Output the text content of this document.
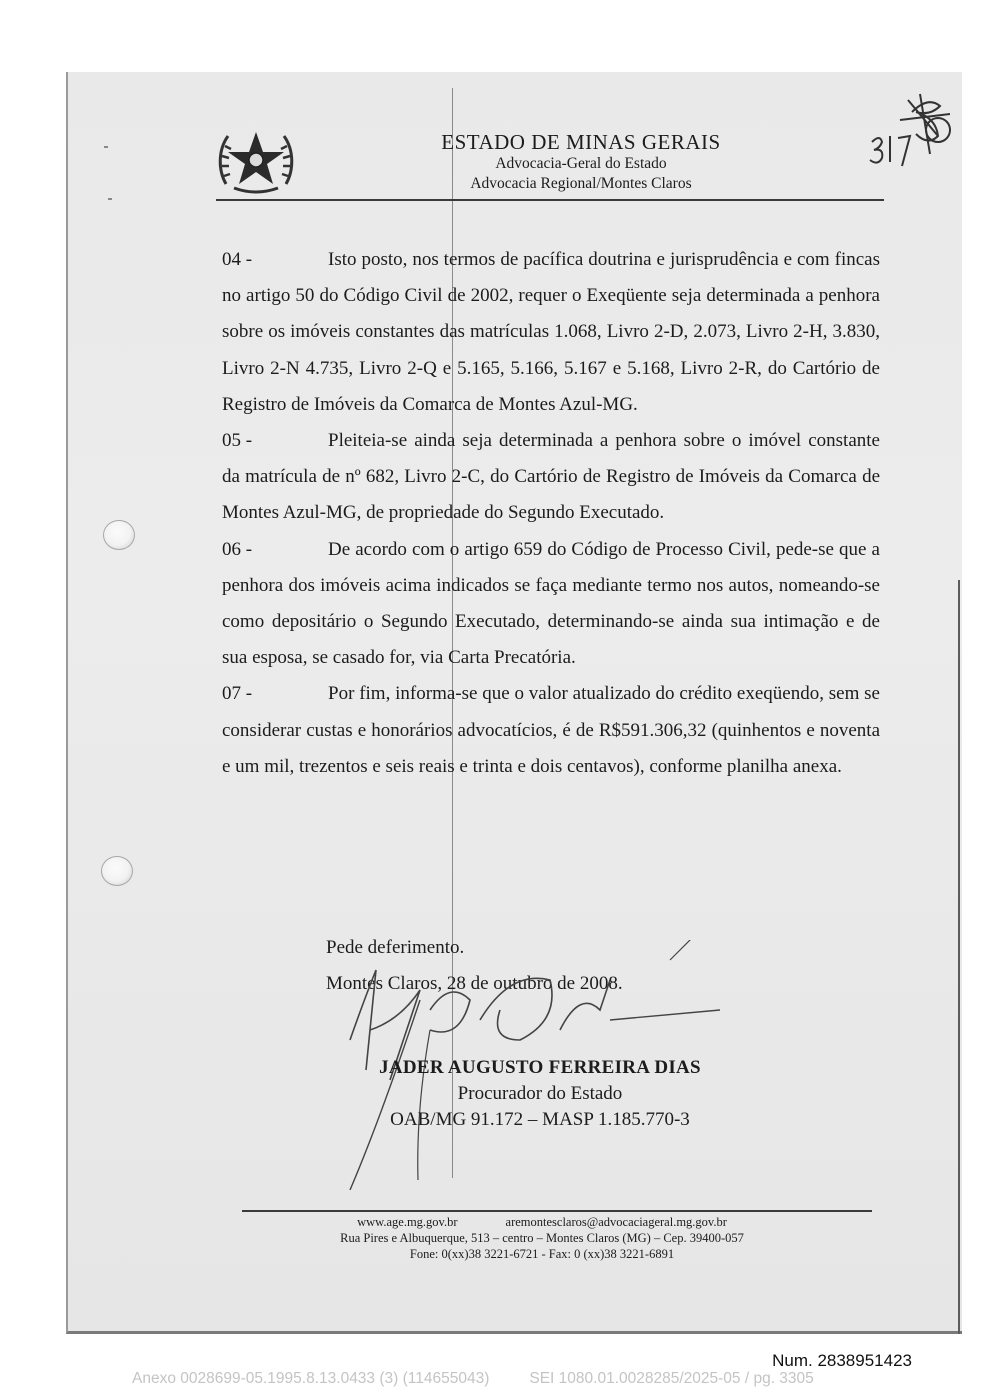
ESTADO DE MINAS GERAIS
Advocacia-Geral do Estado
Advocacia Regional/Montes Claros

04 -	Isto posto, nos termos de pacífica doutrina e jurisprudência e com fincas no artigo 50 do Código Civil de 2002, requer o Exeqüente seja determinada a penhora sobre os imóveis constantes das matrículas 1.068, Livro 2-D, 2.073, Livro 2-H, 3.830, Livro 2-N 4.735, Livro 2-Q e 5.165, 5.166, 5.167 e 5.168, Livro 2-R, do Cartório de Registro de Imóveis da Comarca de Montes Azul-MG.

05 -	Pleiteia-se ainda seja determinada a penhora sobre o imóvel constante da matrícula de nº 682, Livro 2-C, do Cartório de Registro de Imóveis da Comarca de Montes Azul-MG, de propriedade do Segundo Executado.

06 -	De acordo com o artigo 659 do Código de Processo Civil, pede-se que a penhora dos imóveis acima indicados se faça mediante termo nos autos, nomeando-se como depositário o Segundo Executado, determinando-se ainda sua intimação e de sua esposa, se casado for, via Carta Precatória.

07 -	Por fim, informa-se que o valor atualizado do crédito exeqüendo, sem se considerar custas e honorários advocatícios, é de R$591.306,32 (quinhentos e noventa e um mil, trezentos e seis reais e trinta e dois centavos), conforme planilha anexa.

Pede deferimento.
Montes Claros, 28 de outubro de 2008.
JADER AUGUSTO FERREIRA DIAS
Procurador do Estado
OAB/MG 91.172 – MASP 1.185.770-3
www.age.mg.gov.br	aremontesclaros@advocaciageral.mg.gov.br
Rua Pires e Albuquerque, 513 – centro – Montes Claros (MG) – Cep. 39400-057
Fone: 0(xx)38 3221-6721 - Fax: 0 (xx)38 3221-6891
Num. 2838951423
Anexo 0028699-05.1995.8.13.0433 (3) (114655043)	SEI 1080.01.0028285/2025-05 / pg. 3305
